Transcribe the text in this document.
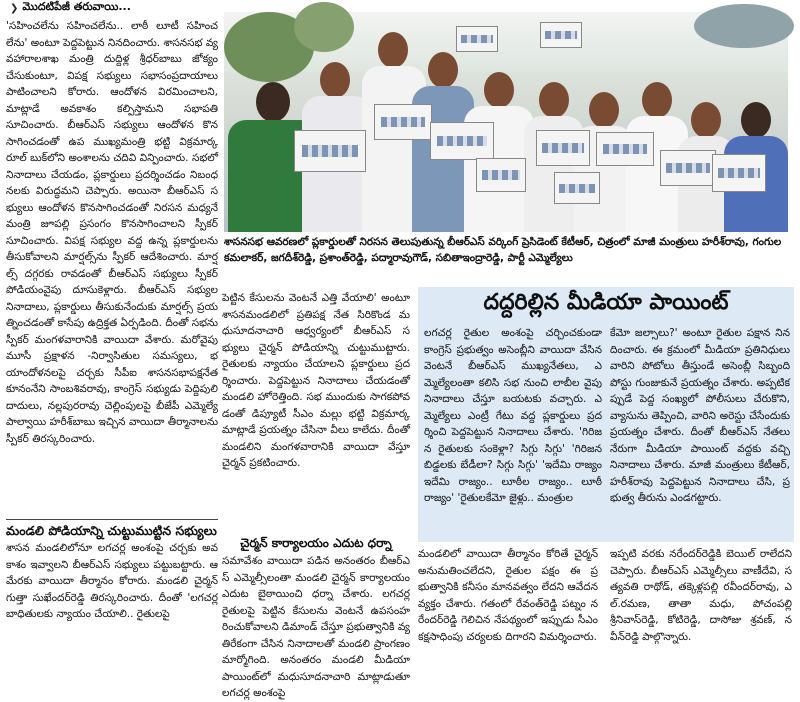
❯ మొదటిపేజీ తరువాయి...

'సహించలేను సహించలేను.. లాఠీ లూటీ సహించలేను' అంటూ పెద్దపెట్టున నినదించారు. శాసనసభ వ్యవహారాలశాఖ మంత్రి దుద్దిళ్ల శ్రీధర్‌బాబు జోక్యం చేసుకుంటూ, విపక్ష సభ్యులు సభాసంప్రదాయాలు పాటించాలని కోరారు. ఆందోళన విరమించాలని, మాట్లాడే అవకాశం కల్పిస్తామని సభాపతి సూచించారు. బీఆర్‌ఎస్ సభ్యులు ఆందోళన కొనసాగించడంతో ఉప ముఖ్యమంత్రి భట్టి విక్రమార్క రూల్ బుక్‌లోని అంశాలను చదివి విన్పించారు. సభలో నినాదాలు చేయడం, ప్లకార్డులు ప్రదర్శించడం నిబంధనలకు విరుద్ధమని చెప్పారు. అయినా బీఆర్‌ఎస్ సభ్యులు ఆందోళన కొనసాగించడంతో నిరసన మధ్యనే మంత్రి జూపల్లి ప్రసంగం కొనసాగించాలని స్పీకర్ సూచించారు. విపక్ష సభ్యుల వద్ద ఉన్న ప్లకార్డులను తీసుకోవాలని మార్షల్స్‌ను స్పీకర్ ఆదేశించారు. మార్షల్స్ దగ్గరకు రావడంతో బీఆర్‌ఎస్ సభ్యులు స్పీకర్ పోడియంవైపు దూసుకెళ్లారు. బీఆర్‌ఎస్ సభ్యుల నినాదాలు, ప్లకార్డులు తీసుకునేందుకు మార్షల్స్ ప్రయత్నించడంతో కాసేపు ఉద్రిక్తత ఏర్పడింది. దీంతో సభను స్పీకర్ మంగళవారానికి వాయిదా వేశారు. మరోవైపు మూసీ ప్రక్షాళన -నిర్వాసితుల సమస్యలు, భయాందోళనలపై చర్చకు సీపీఐ శాసనసభాపక్షనేత కూనంనేని సాంబశివరావు, కాంగ్రెస్ సభ్యుడు పెద్దిపులి దాదులు, నల్లపురరావు చెల్లింపులపై బీజేపీ ఎమ్మెల్యే పాల్వాయి హరీశ్‌బాబు ఇచ్చిన వాయిదా తీర్మానాలను స్పీకర్ తిరస్కరించారు.

మండలి పోడియాన్ని చుట్టుముట్టిన సభ్యులు
శాసన మండలిలోనూ లగచర్ల అంశంపై చర్చకు అవకాశం ఇవ్వాలని బీఆర్‌ఎస్ సభ్యులు పట్టుబట్టారు. ఆ మేరకు వాయిదా తీర్మానం కోరారు. మండలి చైర్మన్ గుత్తా సుఖేందర్‌రెడ్డి తిరస్కరించారు. దీంతో 'లగచర్ల బాధితులకు న్యాయం చేయాలి.. రైతులపై
శాసనసభ ఆవరణలో ప్లకార్డులతో నిరసన తెలుపుతున్న బీఆర్‌ఎస్ వర్కింగ్ ప్రెసిడెంట్ కేటీఆర్, చిత్రంలో మాజీ మంత్రులు హరీశ్‌రావు, గంగుల కమలాకర్, జగదీశ్‌రెడ్డి, ప్రశాంత్‌రెడ్డి, పద్మారావుగౌడ్, సబితాఇంద్రారెడ్డి, పార్టీ ఎమ్మెల్యేలు
పెట్టిన కేసులను వెంటనే ఎత్తి వేయాలి' అంటూ శాసనమండలిలో ప్రతిపక్ష నేత సిరికొండ మధుసూదనాచారి ఆధ్వర్యంలో బీఆర్‌ఎస్ సభ్యులు చైర్మన్ పోడియాన్ని చుట్టుముట్టారు. రైతులకు న్యాయం చేయాలని ప్లకార్డులు ప్రదర్శించారు. పెద్దపెట్టున నినాదాలు చేయడంతో మండలి హోరెత్తింది. సభ ముందుకు సాగకపోవడంతో డిప్యూటీ సీఎం మల్లు భట్టి విక్రమార్క మాట్లాడే ప్రయత్నం చేసినా వీలు కాలేదు. దీంతో మండలిని మంగళవారానికి వాయిదా వేస్తూ చైర్మన్ ప్రకటించారు.
చైర్మన్ కార్యాలయం ఎదుట ధర్నా
సమావేశం వాయిదా పడిన అనంతరం బీఆర్‌ఎస్ ఎమ్మెల్సీలంతా మండలి చైర్మన్ కార్యాలయం ఎదుట బైఠాయించి ధర్నా చేశారు. లగచర్ల రైతులపై పెట్టిన కేసులను వెంటనే ఉపసంహరించుకోవాలని డిమాండ్ చేస్తూ ప్రభుత్వానికి వ్యతిరేకంగా చేసిన నినాదాలతో మండలి ప్రాంగణం మార్మోగింది. అనంతరం మండలి మీడియా పాయింట్‌లో మధుసూదనాచారి మాట్లాడుతూ లగచర్ల అంశంపై
దద్దరిల్లిన మీడియా పాయింట్
లగచర్ల రైతుల అంశంపై చర్చించకుండా కాంగ్రెస్ ప్రభుత్వం అసెంబ్లీని వాయిదా వేసిన వెంటనే బీఆర్‌ఎస్ ముఖ్యనేతలు, ఎమ్మెల్యేలంతా కలిసి సభ నుంచి లాబీల వైపు నినాదాలు చేస్తూ బయటకు వచ్చారు. ఎమ్మెల్యేలు ఎంట్రీ గేటు వద్ద ప్లకార్డులు ప్రదర్శించి పెద్దపెట్టున నినాదాలు చేశారు. 'గిరిజన రైతులకు సంకెళ్లా? సిగ్గు సిగ్గు' 'గిరిజన బిడ్డలకు బేడీలా? సిగ్గు సిగ్గు' 'ఇదేమి రాజ్యం ఇదేమి రాజ్యం.. లూఠీల రాజ్యం.. లూఠీ రాజ్యం' 'రైతులకేమో జైళ్లు.. మంత్రుల
కేమో జల్సాలు?' అంటూ రైతుల పక్షాన నినదించారు. ఈ క్రమంలో మీడియా ప్రతినిధులు వారిని పోటోలు తీస్తుండే అసెంబ్లీ సిబ్బంది పోస్టు గుంజుకునే ప్రయత్నం చేశారు. అప్పటికప్పుడే పెద్ద సంఖ్యలో పోలీసులు చేరుకొని, వ్యాసును తెప్పించి, వారిని అరెస్టు చేసేందుకు ప్రయత్నం చేశారు. దీంతో బీఆర్‌ఎస్ నేతలు నేరుగా మీడియా పాయింట్ వద్దకు వచ్చి నినాదాలు చేశారు. మాజీ మంత్రులు కేటీఆర్, హరీశ్‌రావు పెద్దపెట్టున నినాదాలు చేసి, ప్రభుత్వ తీరును ఎండగట్టారు.
మండలిలో వాయిదా తీర్మానం కోరితే చైర్మన్ అనుమతించలేదని, రైతుల పక్షం ఈ ప్రభుత్వానికి కనీసం మానవత్వం లేదని ఆవేదన వ్యక్తం చేశారు. గతంలో రేవంత్‌రెడ్డి పట్నం నరేందర్‌రెడ్డి గెలిచిన నేపథ్యంలో ఇప్పుడు సీఎం కక్షసాధింపు చర్యలకు దిగారని విమర్శించారు.
ఇప్పటి వరకు నరేందర్‌రెడ్డికి బెయిల్ రాలేదని చెప్పారు. బీఆర్‌ఎస్ ఎమ్మెల్సీలు వాణీదేవి, సత్యవతి రాథోడ్, తక్కెళ్లపల్లి రవీందర్‌రావు, ఎల్.రమణ, తాతా మధు, పోచంపల్లి శ్రీనివాస్‌రెడ్డి, కోటిరెడ్డి, దాసోజు శ్రవణ్, నవీన్‌రెడ్డి పాల్గొన్నారు.
